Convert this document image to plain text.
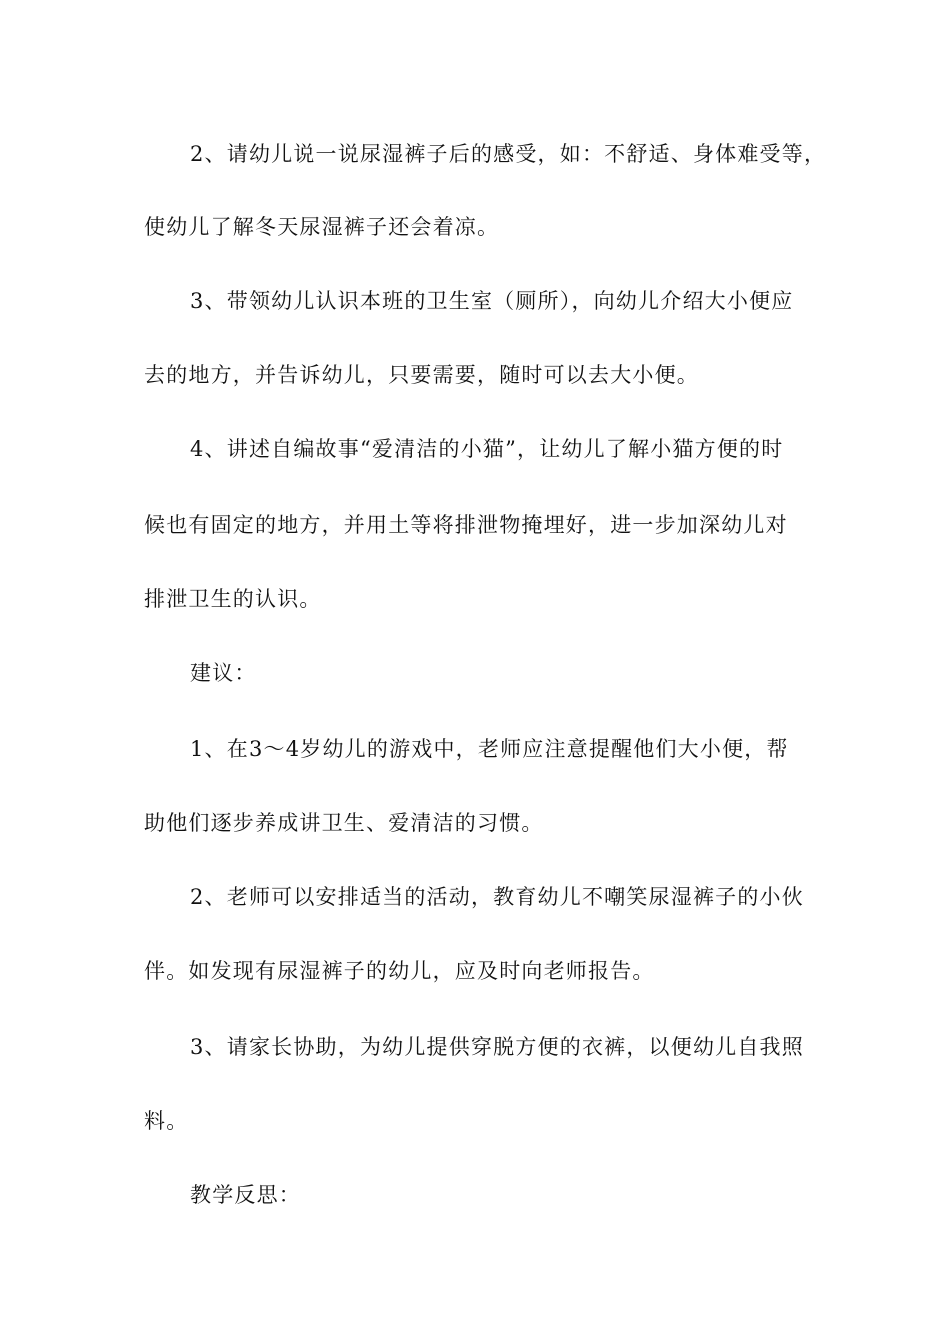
2、请幼儿说一说尿湿裤子后的感受，如：不舒适、身体难受等，
使幼儿了解冬天尿湿裤子还会着凉。
3、带领幼儿认识本班的卫生室（厕所），向幼儿介绍大小便应
去的地方，并告诉幼儿，只要需要，随时可以去大小便。
4、讲述自编故事“爱清洁的小猫”，让幼儿了解小猫方便的时
候也有固定的地方，并用土等将排泄物掩埋好，进一步加深幼儿对
排泄卫生的认识。
建议：
1、在3～4岁幼儿的游戏中，老师应注意提醒他们大小便，帮
助他们逐步养成讲卫生、爱清洁的习惯。
2、老师可以安排适当的活动，教育幼儿不嘲笑尿湿裤子的小伙
伴。如发现有尿湿裤子的幼儿，应及时向老师报告。
3、请家长协助，为幼儿提供穿脱方便的衣裤，以便幼儿自我照
料。
教学反思：
